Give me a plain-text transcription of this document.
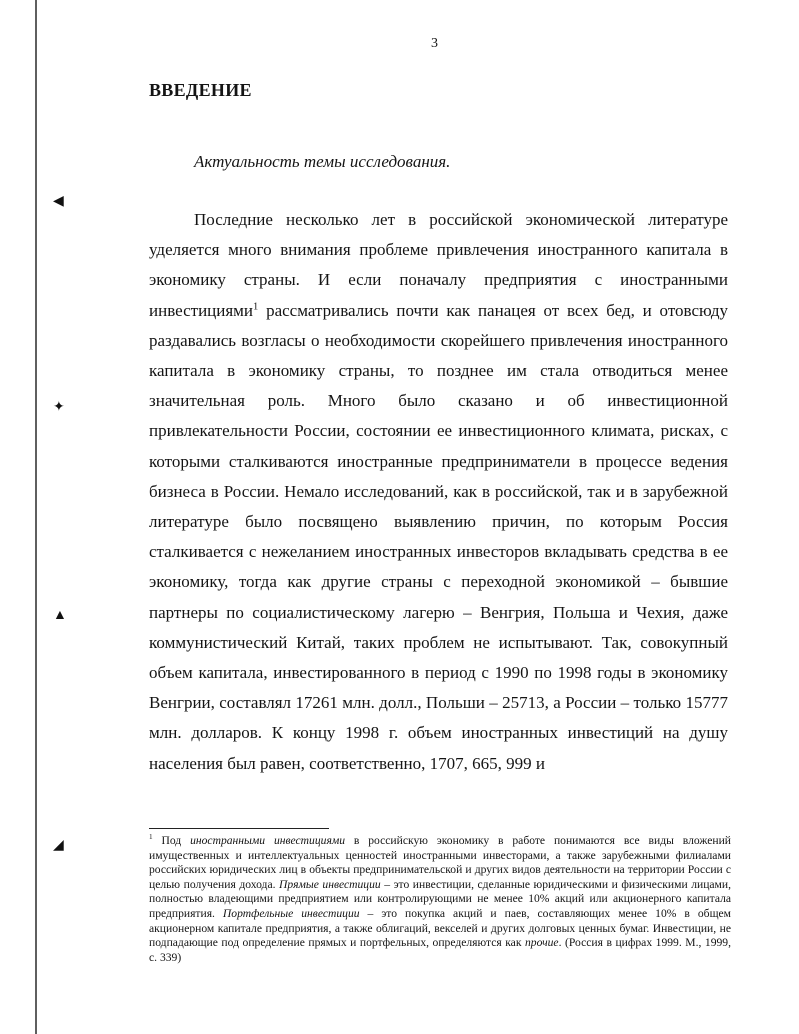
◀
✦
▲
◢
3
ВВЕДЕНИЕ
Актуальность темы исследования.
Последние несколько лет в российской экономической литературе уделяется много внимания проблеме привлечения иностранного капитала в экономику страны. И если поначалу предприятия с иностранными инвестициями$^1$ рассматривались почти как панацея от всех бед, и отовсюду раздавались возгласы о необходимости скорейшего привлечения иностранного капитала в экономику страны, то позднее им стала отводиться менее значительная роль. Много было сказано и об инвестиционной привлекательности России, состоянии ее инвестиционного климата, рисках, с которыми сталкиваются иностранные предприниматели в процессе ведения бизнеса в России. Немало исследований, как в российской, так и в зарубежной литературе было посвящено выявлению причин, по которым Россия сталкивается с нежеланием иностранных инвесторов вкладывать средства в ее экономику, тогда как другие страны с переходной экономикой – бывшие партнеры по социалистическому лагерю – Венгрия, Польша и Чехия, даже коммунистический Китай, таких проблем не испытывают. Так, совокупный объем капитала, инвестированного в период с 1990 по 1998 годы в экономику Венгрии, составлял 17261 млн. долл., Польши – 25713, а России – только 15777 млн. долларов. К концу 1998 г. объем иностранных инвестиций на душу населения был равен, соответственно, 1707, 665, 999 и
$^1$ Под иностранными инвестициями в российскую экономику в работе понимаются все виды вложений имущественных и интеллектуальных ценностей иностранными инвесторами, а также зарубежными филиалами российских юридических лиц в объекты предпринимательской и других видов деятельности на территории России с целью получения дохода. Прямые инвестиции – это инвестиции, сделанные юридическими и физическими лицами, полностью владеющими предприятием или контролирующими не менее 10% акций или акционерного капитала предприятия. Портфельные инвестиции – это покупка акций и паев, составляющих менее 10% в общем акционерном капитале предприятия, а также облигаций, векселей и других долговых ценных бумаг. Инвестиции, не подпадающие под определение прямых и портфельных, определяются как прочие. (Россия в цифрах 1999. М., 1999, с. 339)
